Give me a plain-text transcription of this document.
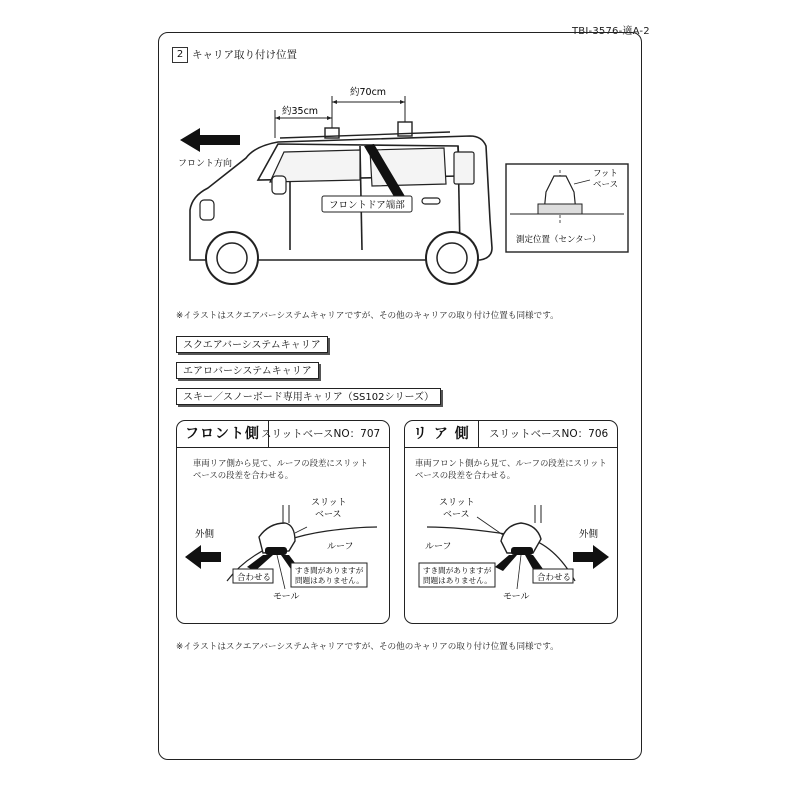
TBI-3576-適A-2
2 キャリア取り付け位置
約70cm
約35cm
フロント方向
フロントドア端部
フット
ベース
測定位置（センター）
※イラストはスクエアバーシステムキャリアですが、その他のキャリアの取り付け位置も同様です。
スクエアバーシステムキャリア
エアロバーシステムキャリア
スキー／スノーボード専用キャリア（SS102シリーズ）
フロント側 スリットベースNO：707
車両リア側から見て、ルーフの段差にスリット
ベースの段差を合わせる。
外側
スリット
ベース
ルーフ
合わせる
すき間がありますが
問題はありません。
モール
リ ア 側	スリットベースNO：706
車両フロント側から見て、ルーフの段差にスリット
ベースの段差を合わせる。
外側
スリット
ベース
ルーフ
合わせる
すき間がありますが
問題はありません。
モール
※イラストはスクエアバーシステムキャリアですが、その他のキャリアの取り付け位置も同様です。
